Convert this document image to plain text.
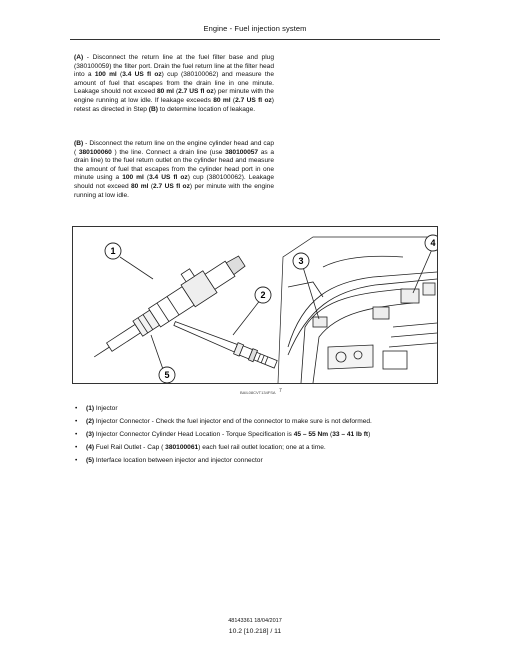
Engine - Fuel injection system
(A) - Disconnect the return line at the fuel filter base and plug (380100059) the filter port. Drain the fuel return line at the filter head into a 100 ml (3.4 US fl oz) cup (380100062) and measure the amount of fuel that escapes from the drain line in one minute. Leakage should not exceed 80 ml (2.7 US fl oz) per minute with the engine running at low idle. If leakage exceeds 80 ml (2.7 US fl oz) retest as directed in Step (B) to determine location of leakage.
(B) - Disconnect the return line on the engine cylinder head and cap ( 380100060 ) the line. Connect a drain line (use 380100057 as a drain line) to the fuel return outlet on the cylinder head and measure the amount of fuel that escapes from the cylinder head port in one minute using a 100 ml (3.4 US fl oz) cup (380100062). Leakage should not exceed 80 ml (2.7 US fl oz) per minute with the engine running at low idle.
1
2
3
4
5
BAIL08CVT134FSA 7
• (1) Injector
• (2) Injector Connector - Check the fuel injector end of the connector to make sure is not deformed.
• (3) Injector Connector Cylinder Head Location - Torque Specification is 45 – 55 Nm (33 – 41 lb ft)
• (4) Fuel Rail Outlet - Cap ( 380100061) each fuel rail outlet location; one at a time.
• (5) Interface location between injector and injector connector
48143361 18/04/2017
10.2 [10.218] / 11
